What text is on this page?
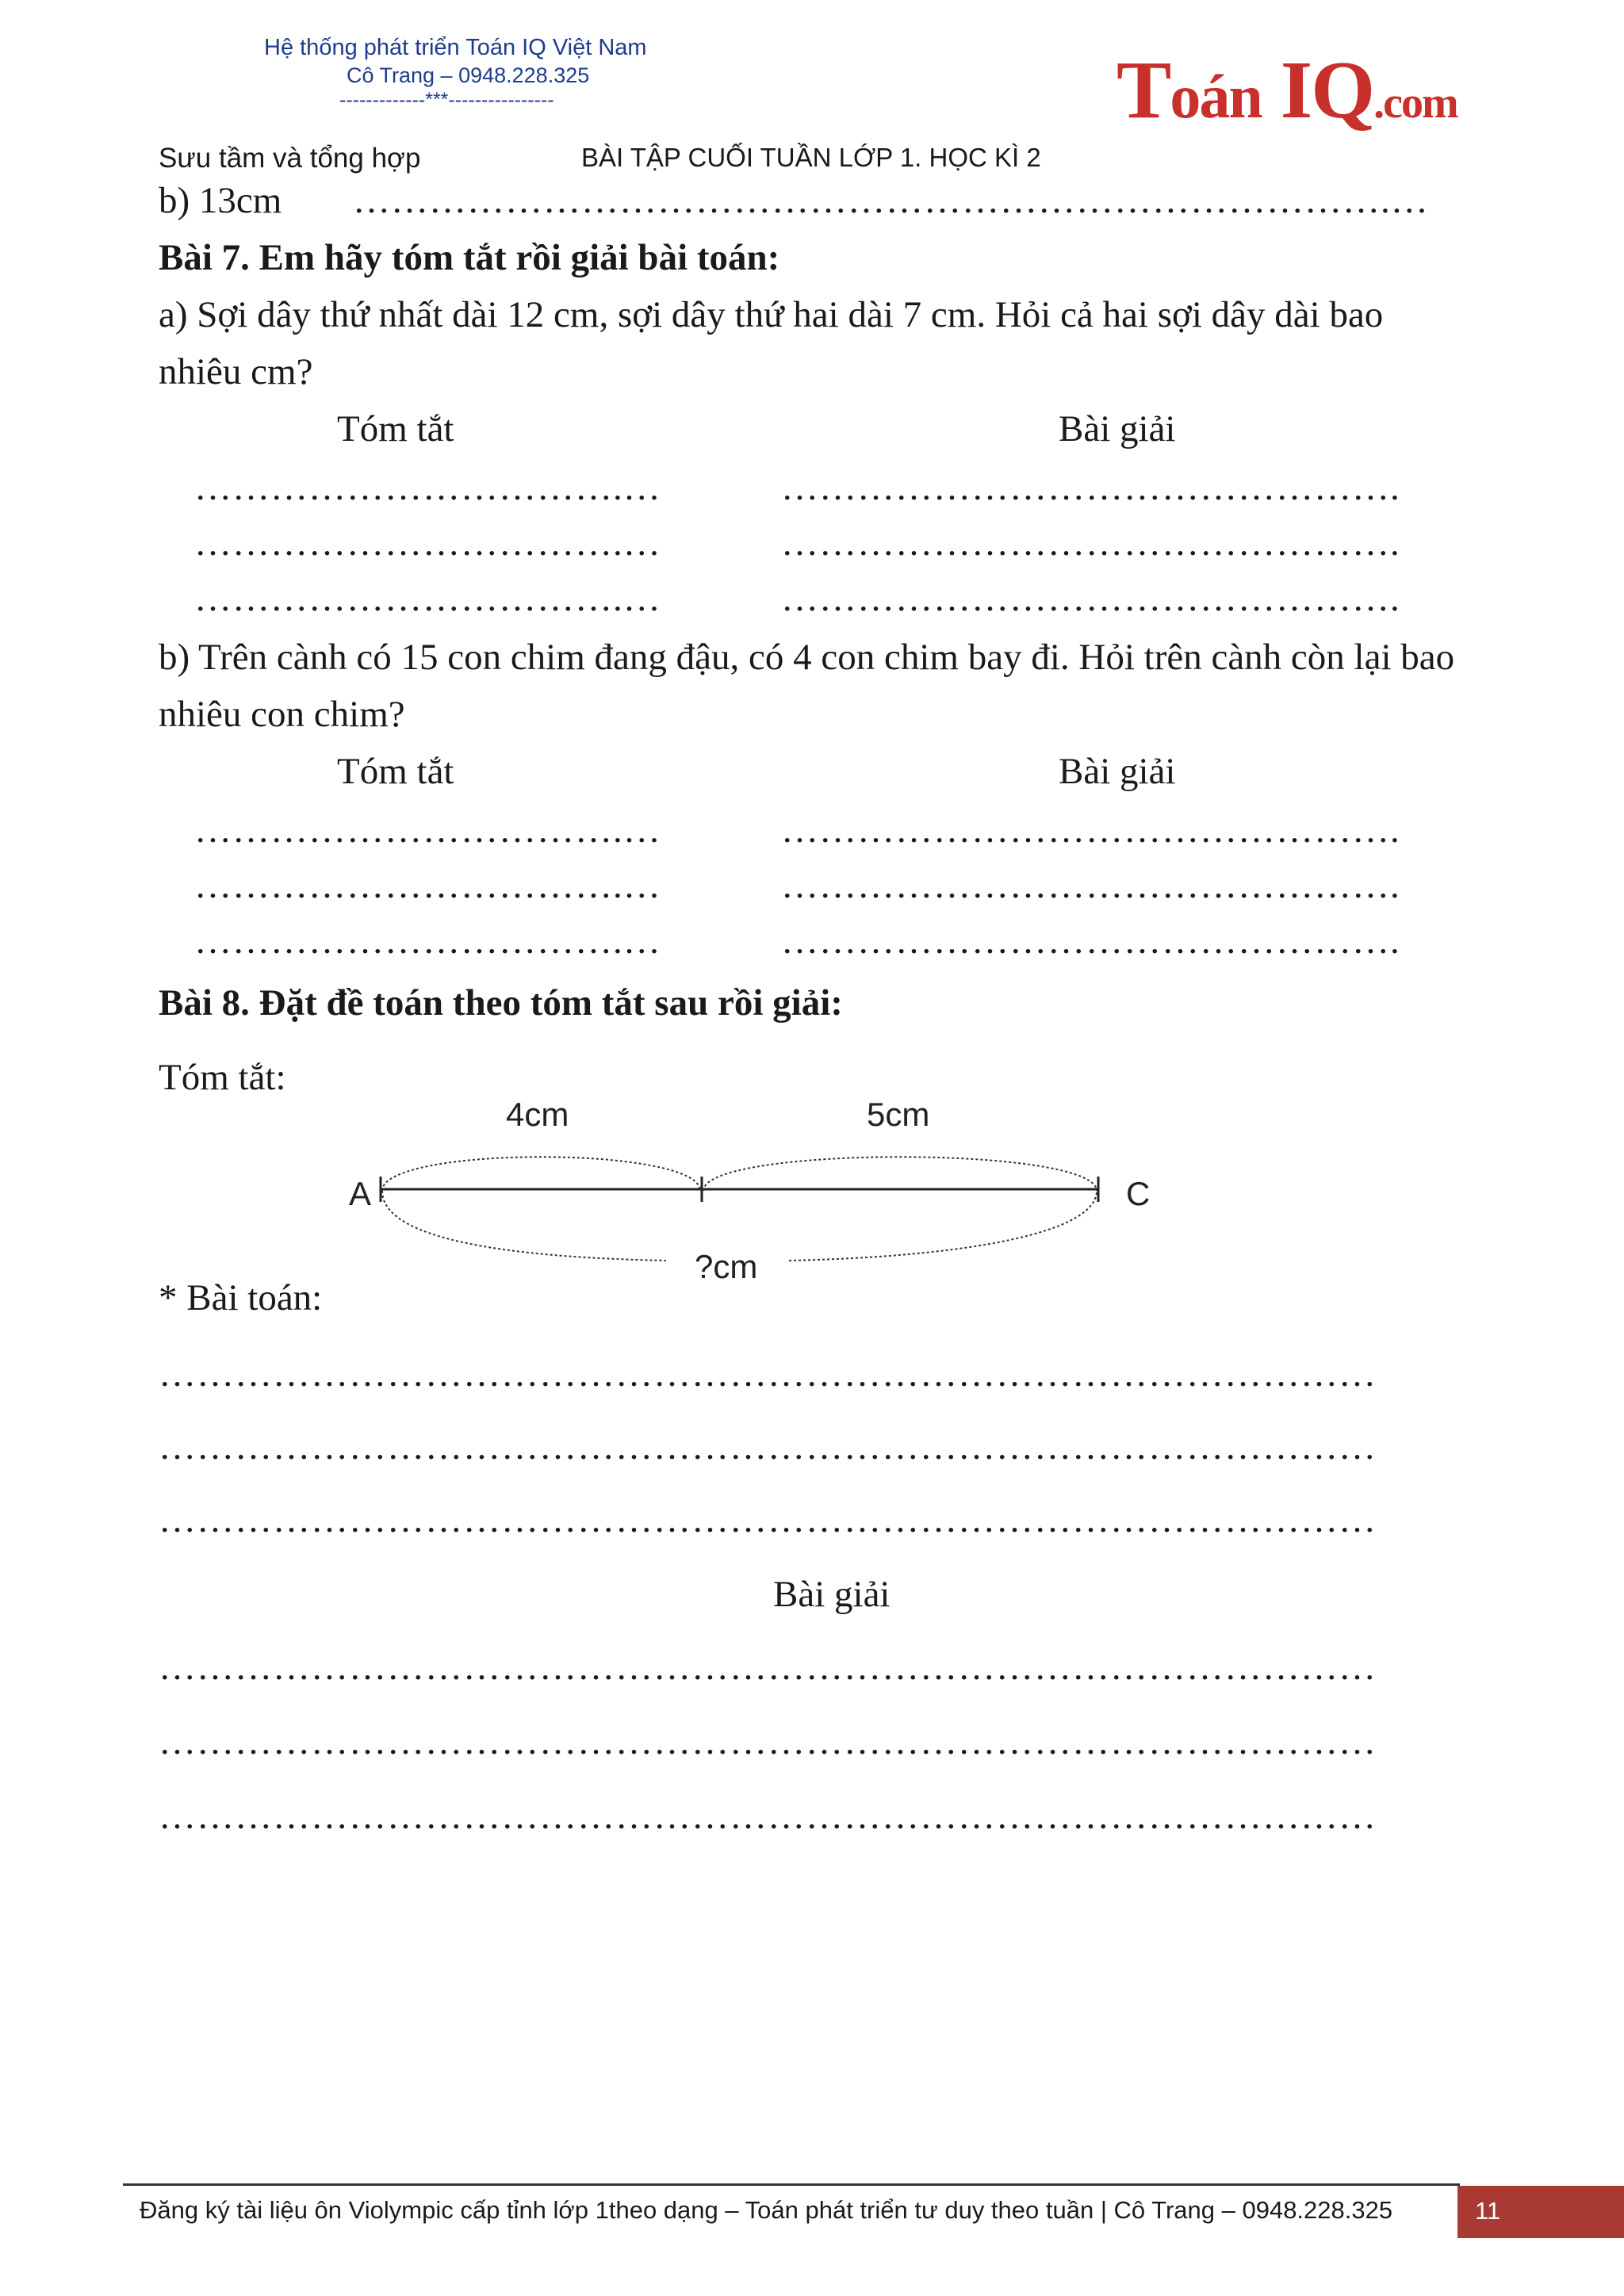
Hệ thống phát triển Toán IQ Việt Nam
Cô Trang – 0948.228.325
-------------***----------------	Toán IQ.com
Sưu tầm và tổng hợp	BÀI TẬP CUỐI TUẦN LỚP 1. HỌC KÌ 2
b) 13cm ……………………………………………………………………….…
Bài 7. Em hãy tóm tắt rồi giải bài toán:
a) Sợi dây thứ nhất dài 12 cm, sợi dây thứ hai dài 7 cm. Hỏi cả hai sợi dây dài bao
nhiêu cm?
Tóm tắt	Bài giải
…………………………….…	………………………………………….
…………………………….…	………………………………………….
…………………………….…	………………………………………….
b) Trên cành có 15 con chim đang đậu, có 4 con chim bay đi. Hỏi trên cành còn lại bao
nhiêu con chim?
Tóm tắt	Bài giải
…………………………….…	………………………………………….
…………………………….…	………………………………………….
…………………………….…	………………………………………….
Bài 8. Đặt đề toán theo tóm tắt sau rồi giải:
Tóm tắt:
A	C
4cm	5cm
?cm
* Bài toán:
……………………………………………………………………………………
……………………………………………………………………………………
……………………………………………………………………………………
Bài giải
……………………………………………………………………………………
……………………………………………………………………………………
……………………………………………………………………………………
Đăng ký tài liệu ôn Violympic cấp tỉnh lớp 1theo dạng – Toán phát triển tư duy theo tuần | Cô Trang – 0948.228.325	11
